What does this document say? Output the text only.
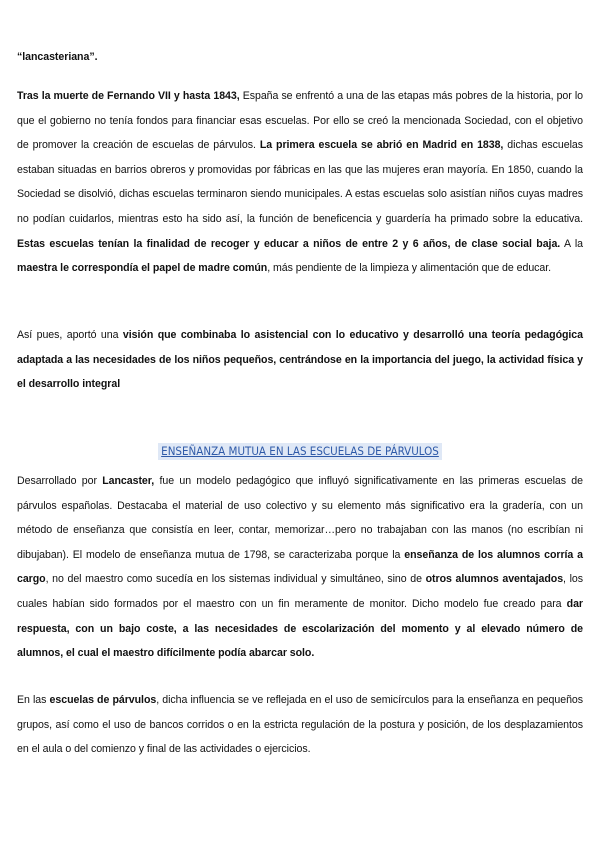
“lancasteriana”.

Tras la muerte de Fernando VII y hasta 1843, España se enfrentó a una de las etapas más pobres de la historia, por lo que el gobierno no tenía fondos para financiar esas escuelas. Por ello se creó la mencionada Sociedad, con el objetivo de promover la creación de escuelas de párvulos. La primera escuela se abrió en Madrid en 1838, dichas escuelas estaban situadas en barrios obreros y promovidas por fábricas en las que las mujeres eran mayoría. En 1850, cuando la Sociedad se disolvió, dichas escuelas terminaron siendo municipales. A estas escuelas solo asistían niños cuyas madres no podían cuidarlos, mientras esto ha sido así, la función de beneficencia y guardería ha primado sobre la educativa. Estas escuelas tenían la finalidad de recoger y educar a niños de entre 2 y 6 años, de clase social baja. A la maestra le correspondía el papel de madre común, más pendiente de la limpieza y alimentación que de educar.

Así pues, aportó una visión que combinaba lo asistencial con lo educativo y desarrolló una teoría pedagógica adaptada a las necesidades de los niños pequeños, centrándose en la importancia del juego, la actividad física y el desarrollo integral

ENSEÑANZA MUTUA EN LAS ESCUELAS DE PÁRVULOS

Desarrollado por Lancaster, fue un modelo pedagógico que influyó significativamente en las primeras escuelas de párvulos españolas. Destacaba el material de uso colectivo y su elemento más significativo era la gradería, con un método de enseñanza que consistía en leer, contar, memorizar…pero no trabajaban con las manos (no escribían ni dibujaban). El modelo de enseñanza mutua de 1798, se caracterizaba porque la enseñanza de los alumnos corría a cargo, no del maestro como sucedía en los sistemas individual y simultáneo, sino de otros alumnos aventajados, los cuales habían sido formados por el maestro con un fin meramente de monitor. Dicho modelo fue creado para dar respuesta, con un bajo coste, a las necesidades de escolarización del momento y al elevado número de alumnos, el cual el maestro difícilmente podía abarcar solo.

En las escuelas de párvulos, dicha influencia se ve reflejada en el uso de semicírculos para la enseñanza en pequeños grupos, así como el uso de bancos corridos o en la estricta regulación de la postura y posición, de los desplazamientos en el aula o del comienzo y final de las actividades o ejercicios.
